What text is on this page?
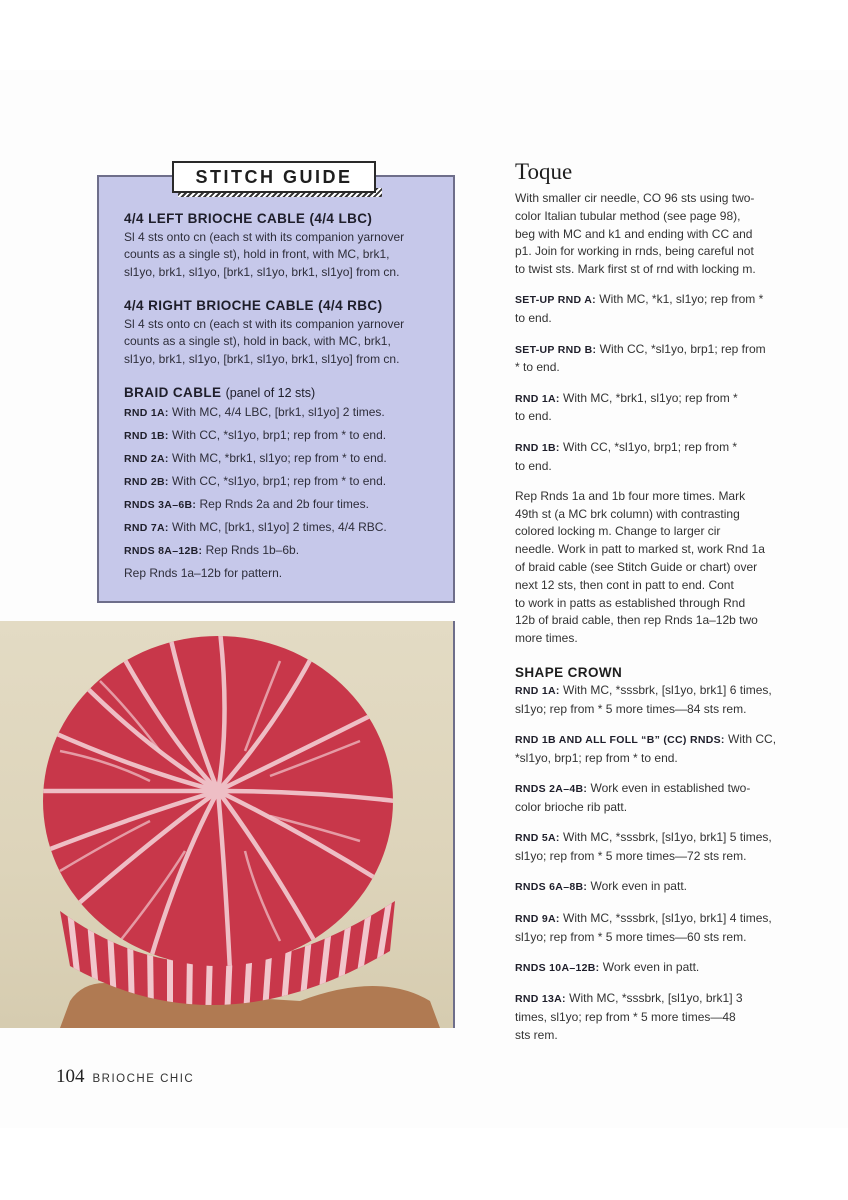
STITCH GUIDE
4/4 LEFT BRIOCHE CABLE (4/4 LBC)
Sl 4 sts onto cn (each st with its companion yarnover
counts as a single st), hold in front, with MC, brk1,
sl1yo, brk1, sl1yo, [brk1, sl1yo, brk1, sl1yo] from cn.
4/4 RIGHT BRIOCHE CABLE (4/4 RBC)
Sl 4 sts onto cn (each st with its companion yarnover
counts as a single st), hold in back, with MC, brk1,
sl1yo, brk1, sl1yo, [brk1, sl1yo, brk1, sl1yo] from cn.
BRAID CABLE (panel of 12 sts)
RND 1A: With MC, 4/4 LBC, [brk1, sl1yo] 2 times.
RND 1B: With CC, *sl1yo, brp1; rep from * to end.
RND 2A: With MC, *brk1, sl1yo; rep from * to end.
RND 2B: With CC, *sl1yo, brp1; rep from * to end.
RNDS 3A–6B: Rep Rnds 2a and 2b four times.
RND 7A: With MC, [brk1, sl1yo] 2 times, 4/4 RBC.
RNDS 8A–12B: Rep Rnds 1b–6b.
Rep Rnds 1a–12b for pattern.
Toque
With smaller cir needle, CO 96 sts using two-
color Italian tubular method (see page 98),
beg with MC and k1 and ending with CC and
p1. Join for working in rnds, being careful not
to twist sts. Mark first st of rnd with locking m.
SET-UP RND A: With MC, *k1, sl1yo; rep from *
to end.
SET-UP RND B: With CC, *sl1yo, brp1; rep from
* to end.
RND 1A: With MC, *brk1, sl1yo; rep from *
to end.
RND 1B: With CC, *sl1yo, brp1; rep from *
to end.
Rep Rnds 1a and 1b four more times. Mark
49th st (a MC brk column) with contrasting
colored locking m. Change to larger cir
needle. Work in patt to marked st, work Rnd 1a
of braid cable (see Stitch Guide or chart) over
next 12 sts, then cont in patt to end. Cont
to work in patts as established through Rnd
12b of braid cable, then rep Rnds 1a–12b two
more times.
SHAPE CROWN
RND 1A: With MC, *sssbrk, [sl1yo, brk1] 6 times,
sl1yo; rep from * 5 more times—84 sts rem.
RND 1B AND ALL FOLL “B” (CC) RNDS: With CC,
*sl1yo, brp1; rep from * to end.
RNDS 2A–4B: Work even in established two-
color brioche rib patt.
RND 5A: With MC, *sssbrk, [sl1yo, brk1] 5 times,
sl1yo; rep from * 5 more times—72 sts rem.
RNDS 6A–8B: Work even in patt.
RND 9A: With MC, *sssbrk, [sl1yo, brk1] 4 times,
sl1yo; rep from * 5 more times—60 sts rem.
RNDS 10A–12B: Work even in patt.
RND 13A: With MC, *sssbrk, [sl1yo, brk1] 3
times, sl1yo; rep from * 5 more times—48
sts rem.
104 BRIOCHE CHIC
